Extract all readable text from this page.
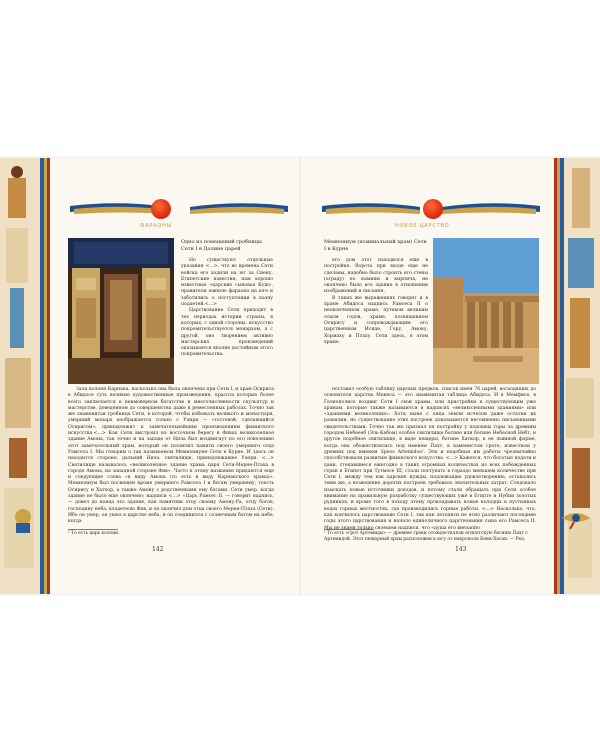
ФАРАОНЫ	НОВОЕ ЦАРСТВО
Одно из помещений гробницы Сети I в Долине царей

Но существуют отдельные указания <...>, что во времена Сети войска его ходили на юг за Сиену. Египетские известия, нам хорошо известные «царские сыновья Куш», правители южною фараона на юге и заботились о поступлении в казну подаетей.<...>

Царствование Сети приходят в тех периодах истории страны, в которых, с одной стороны, искусство покровительствуется монархом, а с другой, оно творением активно мастерских произведений оказывается вполне достойным этого покровительства.

Зала колонн Карнака, насколько она была окончена при Сети I, и храм Осириса в Абидосе суть великие художественные произведения, красота которых более всего заключается в неимоверном богатстве и многочисленности скульптур и мастерстве, доведенном до совершенства даже в ремесленных работах. Точно так же знаменитая гробница Сети, в которой, чтобы избежать великого и монастыря, умерший монарх изображается только с Уанри — «гостевой, сделавшийся Осирисом», принадлежит к замечательнейшим произведениям фиванского искусства.<...> Как Сети выстроил на восточном берегу в Фивах великолепное здание Амона, так точно и на западе от Нила был воздвигнут по его повелению этот замечательный храм, который он посвятил памяти своего умершего отца Рамсеса I. Мы говорим о так называемом Мемнониуме Сети в Курне. И здесь он находится стороне, дальний Нила, святилище, принадлежащее Уанри. <...> Святилище называлось «великолепное здание храма царя Сети-Мерне-Птаха в городе Амона, на западной стороне Фив». Часто к этому названию придаются еще и следующие слова «в виду Амона (то есть в виду Карнакского храма)». Мемнониум был посвящен кроме умершего Рамсеса I и богам умершему, тоесть Осирису и Хатхор, а также Амону с родственными ему богами. Сети умер, когда здание не было еще окончено; надписи <...> «Царь Рамсес II, — говорит надпись, — довел до конца это здание, как памятник отцу своему Амону-Ра, отцу богов, господину неба, владетелю Фив, и он окончил дом отца своего Мерне-Птаха (Сети). Ибо он умер, он ушел в царство неба, и он соединился с солнечным богом на небе, когда

¹ То есть царь колонн.
142
Мемнониум (поминальный храм) Сети I в Курне

его дом этот находился еще в постройке. Ворота при входе еще не сделаны, надобно было строить его стены (ограду) по камням и кирпича, не окончено было все здание в отношении изображений и письмен.

В таких же выражениях говорит и в храме Абидоса надпись Рамсеса II о неоконченном храме, путевом великим отцом годов, храме, посвященном Осирису и сопровождающим его царственным Исиде, Гору, Амону, Хормаху и Птаху. Сети здесь, в этом храме,

поставил особую таблицу царских предков, список имен 76 царей, восходящих до основателя царства Менеса — это знаменитая таблица Абидоса. И в Мемфисе, в Гелиополисе воздвиг Сети I свои храмы, или пристройки к существующим уже храмам, которые также называются в надписях «великолепными зданиями» или «зданиями великолепия». Хотя ныне с лица земли исчезли даже остатки их развалин, но существование этих построек доказывается несомненно письменными свидетельствами. Точно так же признал он постройку у подошвы горы за древним городом Небеееб (Эль-Кабом) особое святилище богине или богине Небесной Небт, и другое подобное святилище, в виде пещеры, богине Хаткор, в ее львиной форме, когда она обожествлялась под именем Пахт, в каменистом гроте, известном у древних под именем Speos Artemidos¹. Эти и подобные им работы чрезвычайно способствовали развитию фиванского искусства. <...> Кажется, что богатые подати и дани, стекавшиеся ежегодно в таких огромных количествах из всех побежденных стран в Египет при Тутмосе III, стали поступать в гораздо меньшем количестве при Сети I, между тем как царские нужды, подлежащие удовлетворению, оставались теми же, а возведение дорогих построек требовало значительных затрат. Следовало изыскать новые источники доходов, и потому стали обращать при Сети особое внимание на правильную разработку существующих уже в Египте и Нубии золотых рудников, и кроме того в походу этому прокладывать новые колодцы в пустынных водах горных местностях, где производились горные работы. <...> Насколько, что, как кончилось царствование Сети I, так как летописи не ясно различают последние годы этого царствования и начало единоличного царствования сына его Рамсеса II. Мы не знаем только сноешем надписи, что «душа его внезапно

¹ То есть «грот Артемиды» — древнее греки отождествляли египетскую богиню Пахт с Артемидой. Этот пещерный храм расположен к югу от некрополя Бени-Хасан. — Ред.
143
